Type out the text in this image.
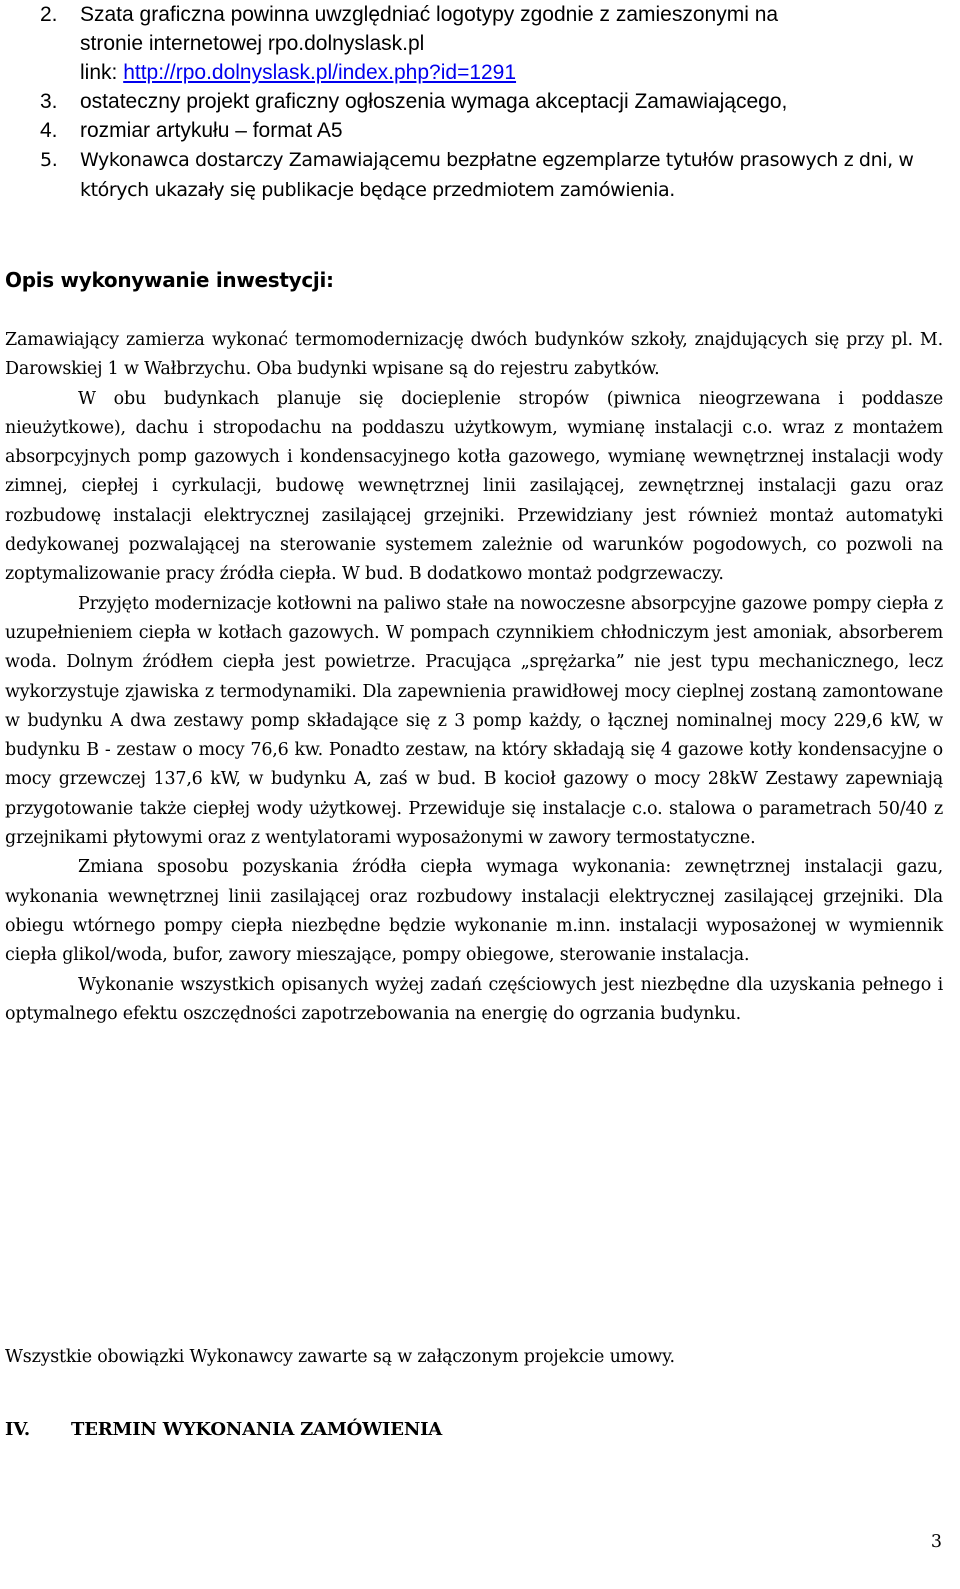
2. Szata graficzna powinna uwzględniać logotypy zgodnie z zamieszonymi na
stronie internetowej rpo.dolnyslask.pl
link: http://rpo.dolnyslask.pl/index.php?id=1291
3. ostateczny projekt graficzny ogłoszenia wymaga akceptacji Zamawiającego,
4. rozmiar artykułu – format A5
5. Wykonawca dostarczy Zamawiającemu bezpłatne egzemplarze tytułów prasowych z dni, w których ukazały się publikacje będące przedmiotem zamówienia.
Opis wykonywanie inwestycji:

Zamawiający zamierza wykonać termomodernizację dwóch budynków szkoły, znajdujących się przy pl. M. Darowskiej 1 w Wałbrzychu. Oba budynki wpisane są do rejestru zabytków.

W obu budynkach planuje się docieplenie stropów (piwnica nieogrzewana i poddasze nieużytkowe), dachu i stropodachu na poddaszu użytkowym, wymianę instalacji c.o. wraz z montażem absorpcyjnych pomp gazowych i kondensacyjnego kotła gazowego, wymianę wewnętrznej instalacji wody zimnej, ciepłej i cyrkulacji, budowę wewnętrznej linii zasilającej, zewnętrznej instalacji gazu oraz rozbudowę instalacji elektrycznej zasilającej grzejniki. Przewidziany jest również montaż automatyki dedykowanej pozwalającej na sterowanie systemem zależnie od warunków pogodowych, co pozwoli na zoptymalizowanie pracy źródła ciepła. W bud. B dodatkowo montaż podgrzewaczy.

Przyjęto modernizacje kotłowni na paliwo stałe na nowoczesne absorpcyjne gazowe pompy ciepła z uzupełnieniem ciepła w kotłach gazowych. W pompach czynnikiem chłodniczym jest amoniak, absorberem woda. Dolnym źródłem ciepła jest powietrze. Pracująca „sprężarka” nie jest typu mechanicznego, lecz wykorzystuje zjawiska z termodynamiki. Dla zapewnienia prawidłowej mocy cieplnej zostaną zamontowane w budynku A dwa zestawy pomp składające się z 3 pomp każdy, o łącznej nominalnej mocy 229,6 kW, w budynku B - zestaw o mocy 76,6 kw. Ponadto zestaw, na który składają się 4 gazowe kotły kondensacyjne o mocy grzewczej 137,6 kW, w budynku A, zaś w bud. B kocioł gazowy o mocy 28kW Zestawy zapewniają przygotowanie także ciepłej wody użytkowej. Przewiduje się instalacje c.o. stalowa o parametrach 50/40 z grzejnikami płytowymi oraz z wentylatorami wyposażonymi w zawory termostatyczne.

Zmiana sposobu pozyskania źródła ciepła wymaga wykonania: zewnętrznej instalacji gazu, wykonania wewnętrznej linii zasilającej oraz rozbudowy instalacji elektrycznej zasilającej grzejniki. Dla obiegu wtórnego pompy ciepła niezbędne będzie wykonanie m.inn. instalacji wyposażonej w wymiennik ciepła glikol/woda, bufor, zawory mieszające, pompy obiegowe, sterowanie instalacja.

Wykonanie wszystkich opisanych wyżej zadań częściowych jest niezbędne dla uzyskania pełnego i optymalnego efektu oszczędności zapotrzebowania na energię do ogrzania budynku.

Wszystkie obowiązki Wykonawcy zawarte są w załączonym projekcie umowy.
IV. TERMIN WYKONANIA ZAMÓWIENIA
3
